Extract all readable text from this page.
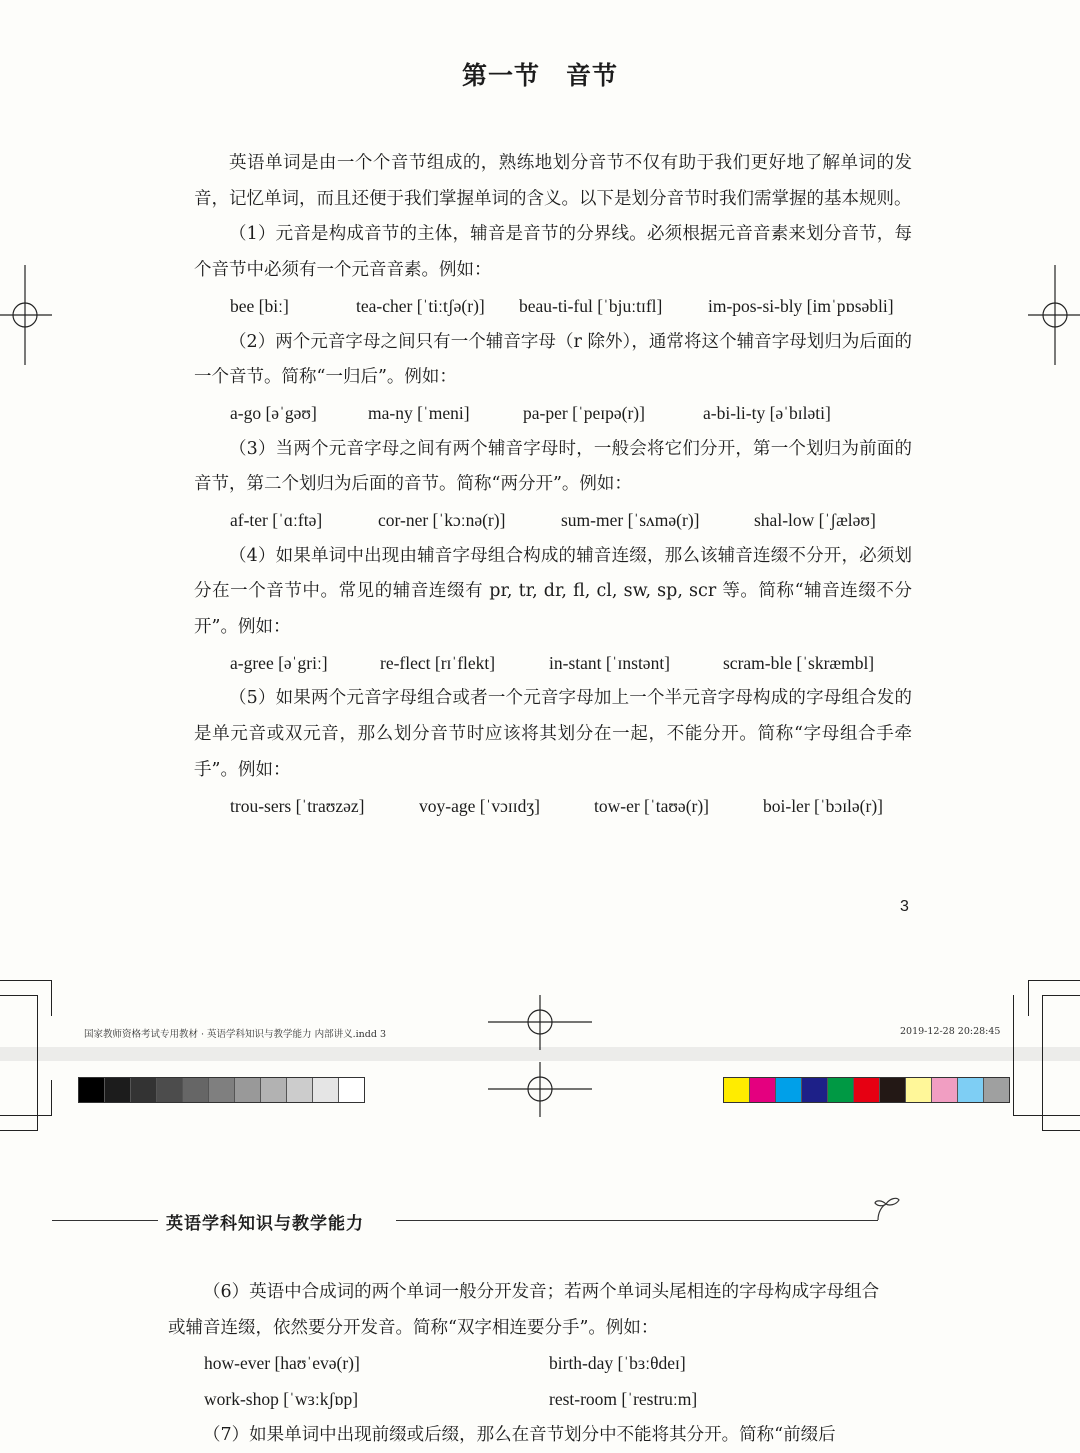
第一节 音节

英语单词是由一个个音节组成的，熟练地划分音节不仅有助于我们更好地了解单词的发音，记忆单词，而且还便于我们掌握单词的含义。以下是划分音节时我们需掌握的基本规则。

（1）元音是构成音节的主体，辅音是音节的分界线。必须根据元音音素来划分音节，每个音节中必须有一个元音音素。例如：

bee [biː]	tea-cher [ˈtiːtʃə(r)] beau-ti-ful [ˈbjuːtɪfl]	im-pos-si-bly [imˈpɒsəbli]

（2）两个元音字母之间只有一个辅音字母（r 除外），通常将这个辅音字母划归为后面的一个音节。简称“一归后”。例如：

a-go [əˈgəʊ]	ma-ny [ˈmeni]	pa-per [ˈpeɪpə(r)]	a-bi-li-ty [əˈbɪləti]

（3）当两个元音字母之间有两个辅音字母时，一般会将它们分开，第一个划归为前面的音节，第二个划归为后面的音节。简称“两分开”。例如：

af-ter [ˈɑːftə]	cor-ner [ˈkɔːnə(r)]	sum-mer [ˈsʌmə(r)]	shal-low [ˈʃæləʊ]

（4）如果单词中出现由辅音字母组合构成的辅音连缀，那么该辅音连缀不分开，必须划分在一个音节中。常见的辅音连缀有 pr, tr, dr, fl, cl, sw, sp, scr 等。简称“辅音连缀不分开”。例如：

a-gree [əˈgriː]	re-flect [rɪˈflekt]	in-stant [ˈɪnstənt]	scram-ble [ˈskræmbl]

（5）如果两个元音字母组合或者一个元音字母加上一个半元音字母构成的字母组合发的是单元音或双元音，那么划分音节时应该将其划分在一起，不能分开。简称“字母组合手牵手”。例如：

trou-sers [ˈtraʊzəz]	voy-age [ˈvɔɪɪdʒ]	tow-er [ˈtaʊə(r)]	boi-ler [ˈbɔɪlə(r)]
3
国家教师资格考试专用教材 · 英语学科知识与教学能力 内部讲义.indd 3	2019-12-28 20:28:45
英语学科知识与教学能力

（6）英语中合成词的两个单词一般分开发音；若两个单词头尾相连的字母构成字母组合或辅音连缀，依然要分开发音。简称“双字相连要分手”。例如：

how-ever [haʊˈevə(r)]	birth-day [ˈbɜːθdeɪ]
work-shop [ˈwɜːkʃɒp]	rest-room [ˈrestruːm]

（7）如果单词中出现前缀或后缀，那么在音节划分中不能将其分开。简称“前缀后
